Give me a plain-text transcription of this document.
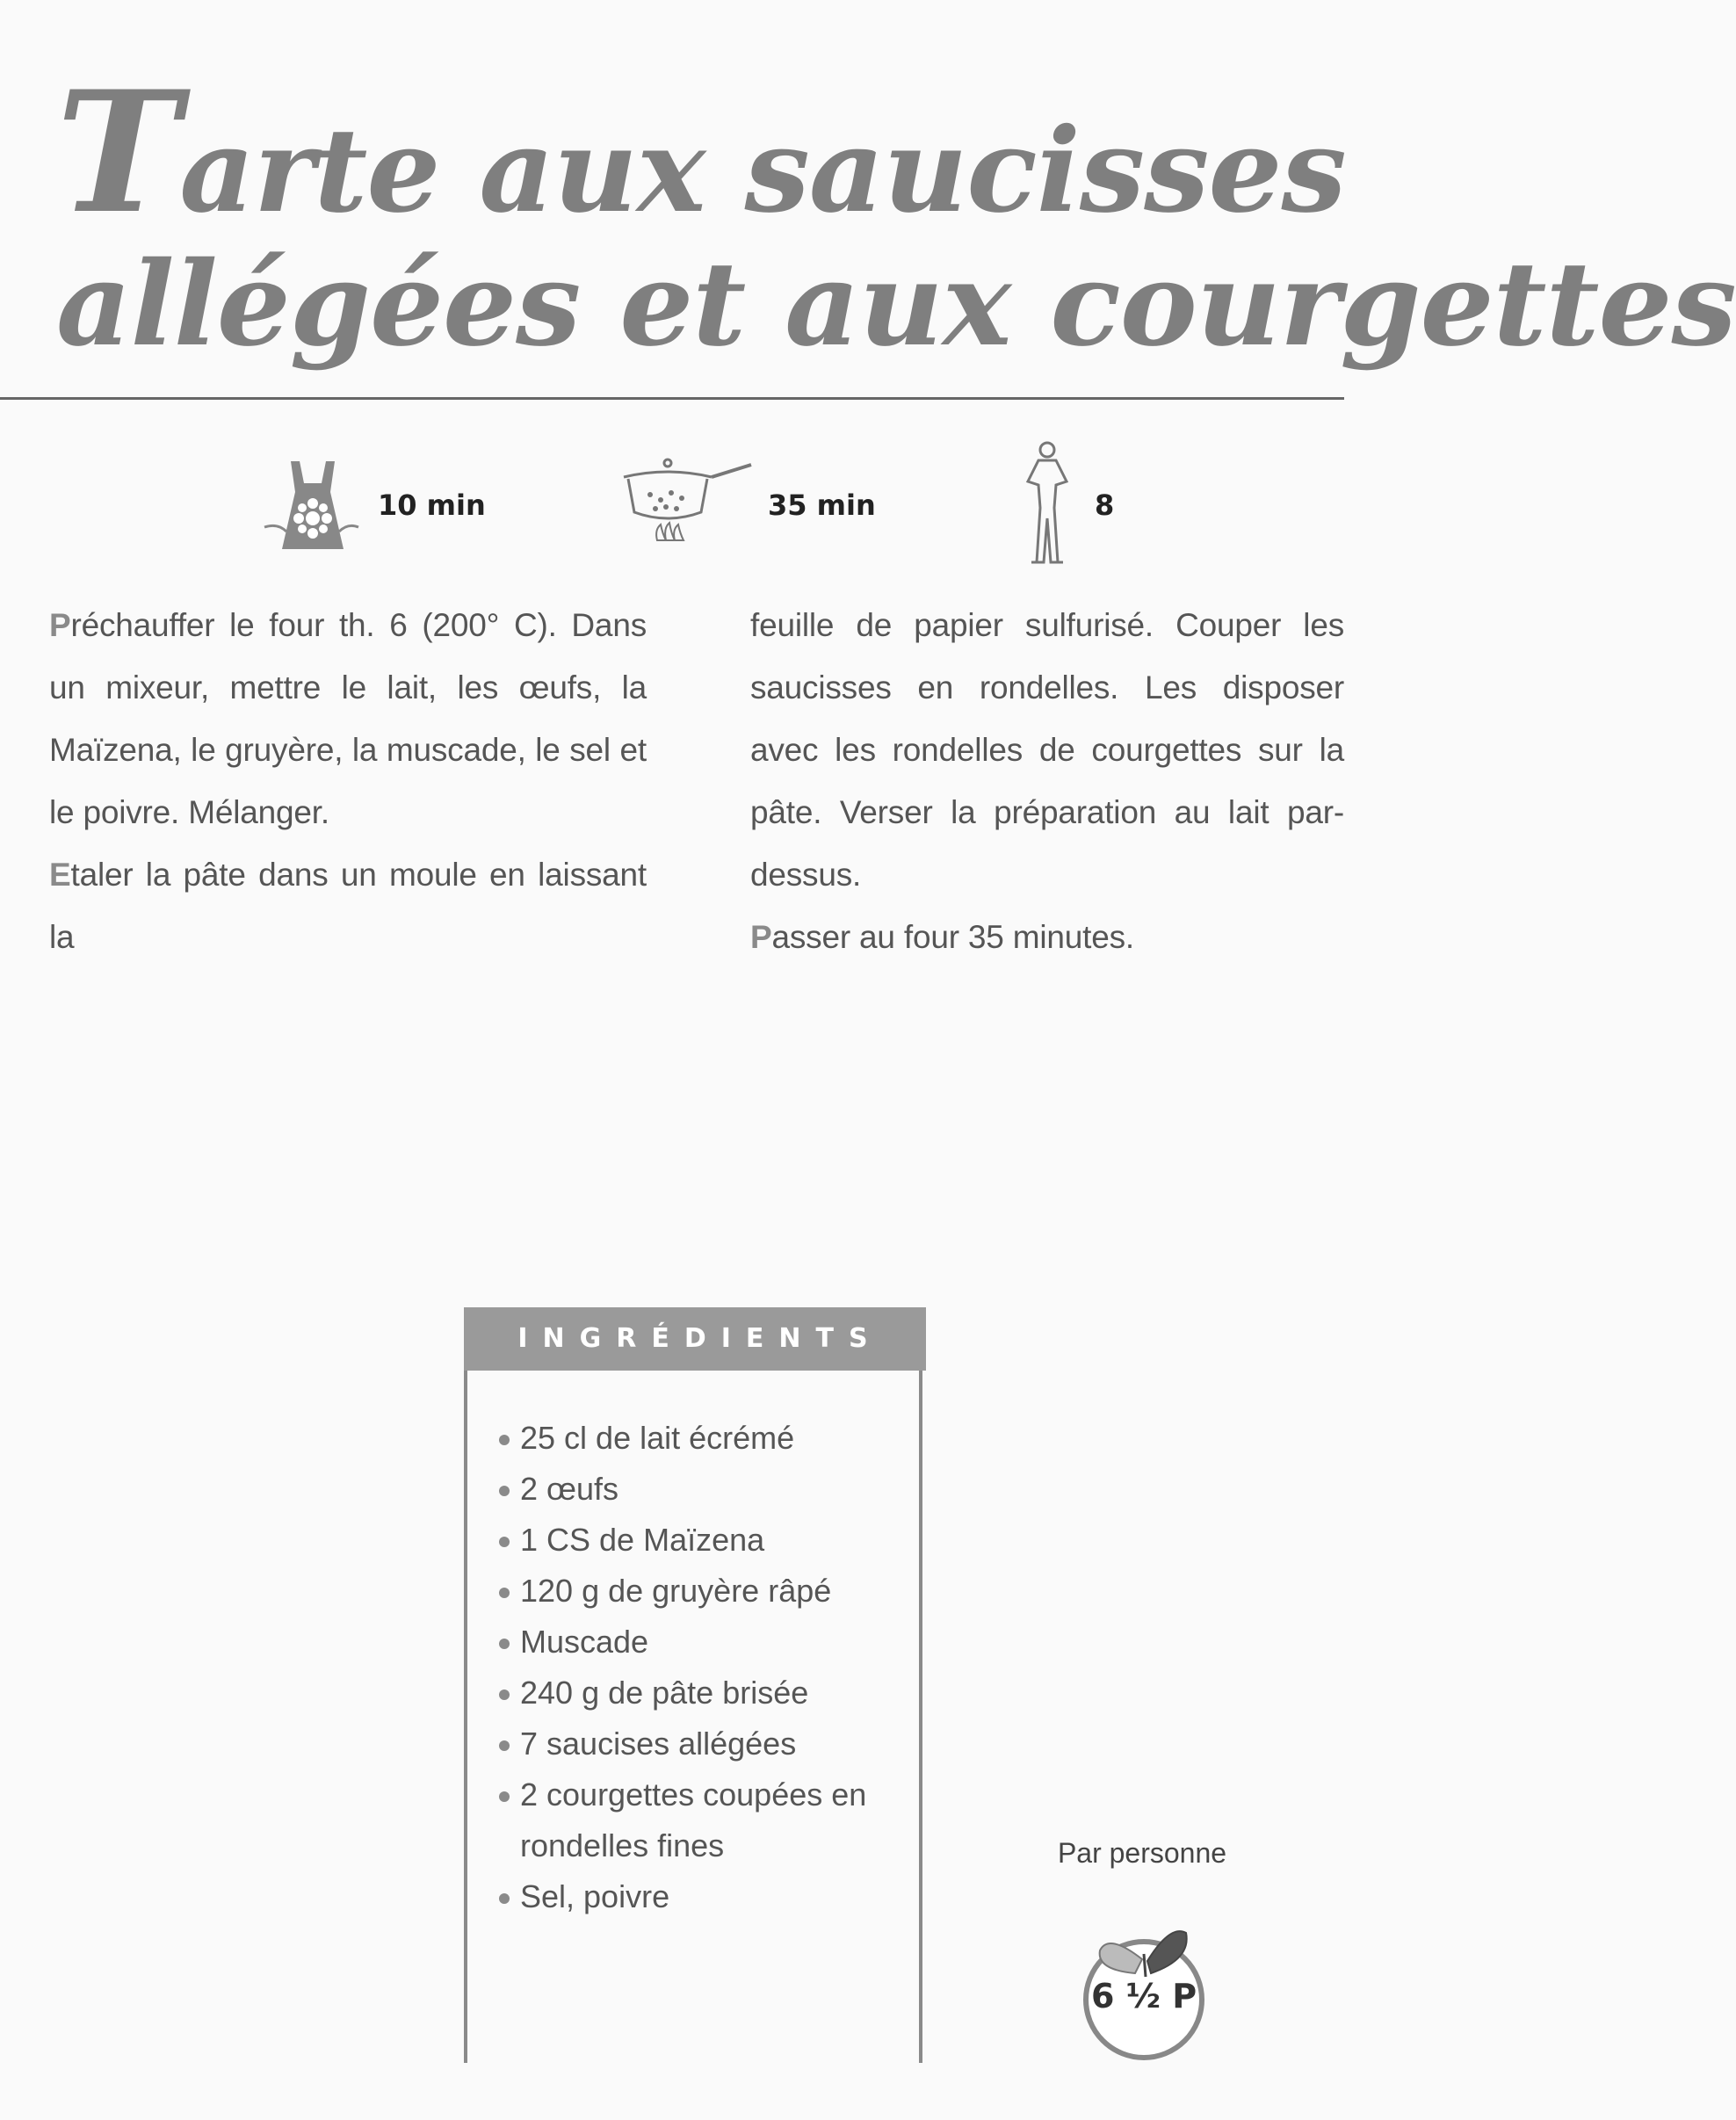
Tarte aux saucisses
allégées et aux courgettes
10 min	35 min	8

Préchauffer le four th. 6 (200° C). Dans un mixeur, mettre le lait, les œufs, la Maïzena, le gruyère, la muscade, le sel et le poivre. Mélanger.

Etaler la pâte dans un moule en laissant la

feuille de papier sulfurisé. Couper les saucisses en rondelles. Les disposer avec les rondelles de courgettes sur la pâte. Verser la préparation au lait par-dessus.

Passer au four 35 minutes.

INGRÉDIENTS
25 cl de lait écrémé
2 œufs
1 CS de Maïzena
120 g de gruyère râpé
Muscade
240 g de pâte brisée
7 saucises allégées
2 courgettes coupées en rondelles fines
Sel, poivre
Par personne
6 ½ P
